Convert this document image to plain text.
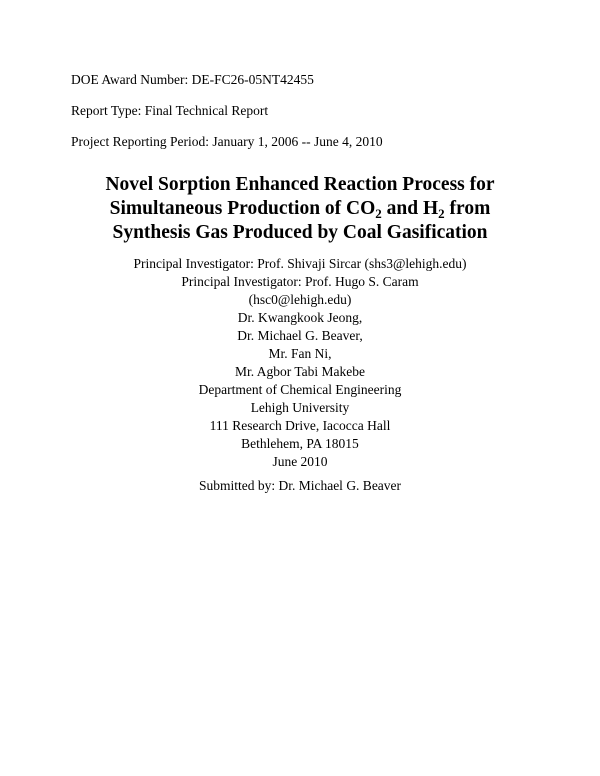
DOE Award Number: DE-FC26-05NT42455
Report Type: Final Technical Report
Project Reporting Period: January 1, 2006 -- June 4, 2010
Novel Sorption Enhanced Reaction Process for
Simultaneous Production of $CO_2$ and $H_2$ from
Synthesis Gas Produced by Coal Gasification
Principal Investigator: Prof. Shivaji Sircar (shs3@lehigh.edu)
Principal Investigator: Prof. Hugo S. Caram
(hsc0@lehigh.edu)
Dr. Kwangkook Jeong,
Dr. Michael G. Beaver,
Mr. Fan Ni,
Mr. Agbor Tabi Makebe
Department of Chemical Engineering
Lehigh University
111 Research Drive, Iacocca Hall
Bethlehem, PA 18015
June 2010
Submitted by: Dr. Michael G. Beaver
